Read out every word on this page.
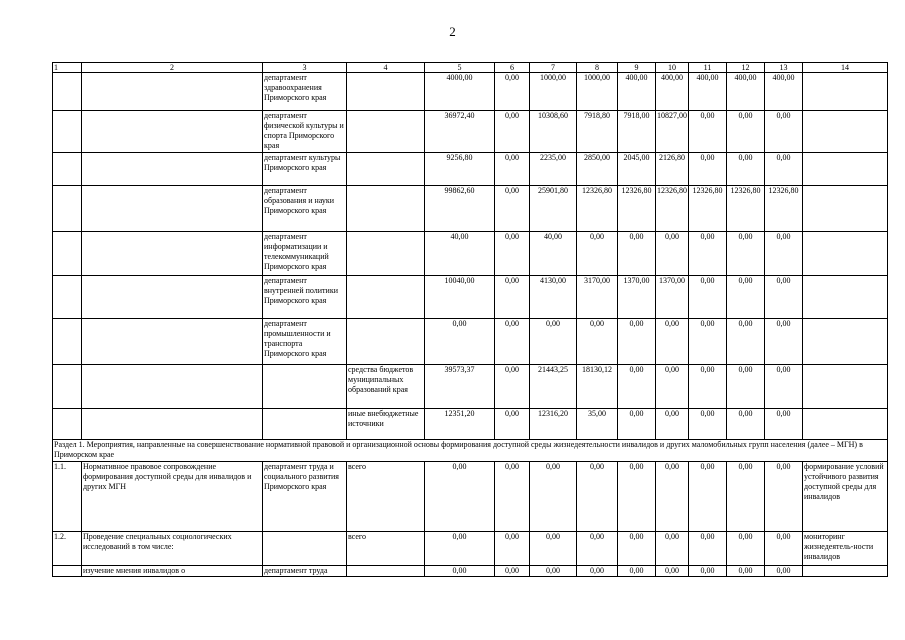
2
1	2	3	4	5	6	7	8	9	10	11	12	13	14
		департамент здравоохранения Приморского края		4000,00	0,00	1000,00	1000,00	400,00	400,00	400,00	400,00	400,00	
		департамент физической культуры и спорта Приморского края		36972,40	0,00	10308,60	7918,80	7918,00	10827,00	0,00	0,00	0,00	
		департамент культуры Приморского края		9256,80	0,00	2235,00	2850,00	2045,00	2126,80	0,00	0,00	0,00	
		департамент образования и науки Приморского края		99862,60	0,00	25901,80	12326,80	12326,80	12326,80	12326,80	12326,80	12326,80	
		департамент информатизации и телекоммуникаций Приморского края		40,00	0,00	40,00	0,00	0,00	0,00	0,00	0,00	0,00	
		департамент внутренней политики Приморского края		10040,00	0,00	4130,00	3170,00	1370,00	1370,00	0,00	0,00	0,00	
		департамент промышленности и транспорта Приморского края		0,00	0,00	0,00	0,00	0,00	0,00	0,00	0,00	0,00	
			средства бюджетов муниципальных образований края	39573,37	0,00	21443,25	18130,12	0,00	0,00	0,00	0,00	0,00	
			иные внебюджетные источники	12351,20	0,00	12316,20	35,00	0,00	0,00	0,00	0,00	0,00	
Раздел 1. Мероприятия, направленные на совершенствование нормативной правовой и организационной основы формирования доступной среды жизнедеятельности инвалидов и других маломобильных групп населения (далее – МГН) в Приморском крае													
1.1.	Нормативное правовое сопровождение формирования доступной среды для инвалидов и других МГН	департамент труда и социального развития Приморского края	всего	0,00	0,00	0,00	0,00	0,00	0,00	0,00	0,00	0,00	формирование условий устойчивого развития доступной среды для инвалидов
1.2.	Проведение специальных социологических исследований в том числе:		всего	0,00	0,00	0,00	0,00	0,00	0,00	0,00	0,00	0,00	мониторинг жизнедеятель-ности инвалидов
	изучение мнения инвалидов о	департамент труда		0,00	0,00	0,00	0,00	0,00	0,00	0,00	0,00	0,00	
